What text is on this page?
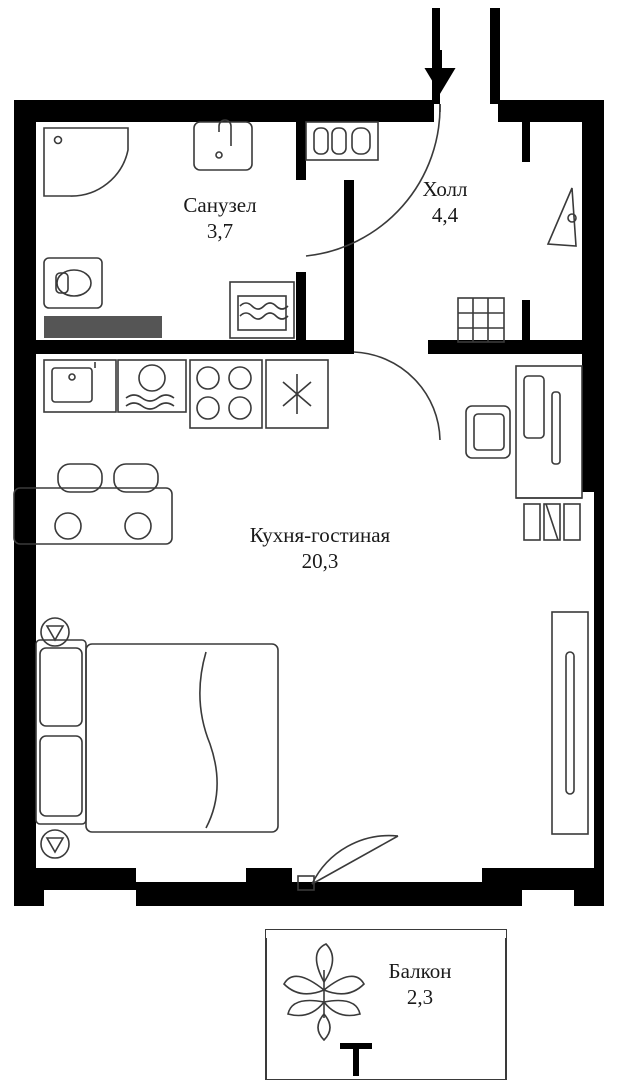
Санузел
3,7
Холл
4,4
Кухня-гостиная
20,3
Балкон
2,3
